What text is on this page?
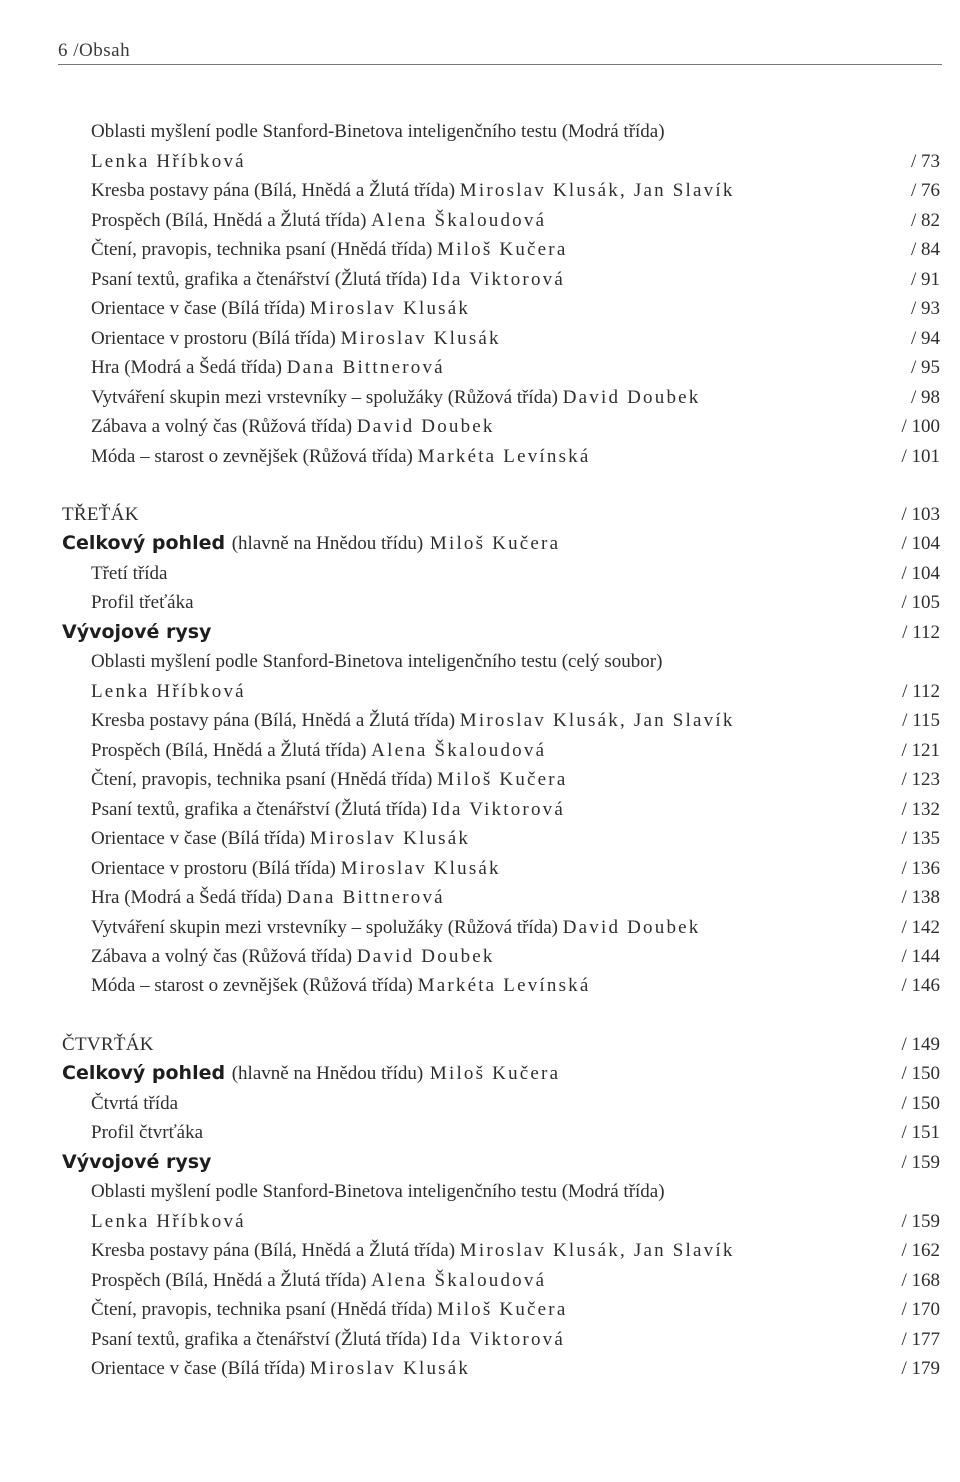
6 /Obsah
Oblasti myšlení podle Stanford-Binetova inteligenčního testu (Modrá třída)
Lenka Hříbková	/ 73
Kresba postavy pána (Bílá, Hnědá a Žlutá třída) Miroslav Klusák, Jan Slavík	/ 76
Prospěch (Bílá, Hnědá a Žlutá třída) Alena Škaloudová	/ 82
Čtení, pravopis, technika psaní (Hnědá třída) Miloš Kučera	/ 84
Psaní textů, grafika a čtenářství (Žlutá třída) Ida Viktorová	/ 91
Orientace v čase (Bílá třída) Miroslav Klusák	/ 93
Orientace v prostoru (Bílá třída) Miroslav Klusák	/ 94
Hra (Modrá a Šedá třída) Dana Bittnerová	/ 95
Vytváření skupin mezi vrstevníky – spolužáky (Růžová třída) David Doubek	/ 98
Zábava a volný čas (Růžová třída) David Doubek	/ 100
Móda – starost o zevnějšek (Růžová třída) Markéta Levínská	/ 101
TŘEŤÁK	/ 103
Celkový pohled (hlavně na Hnědou třídu) Miloš Kučera	/ 104
Třetí třída	/ 104
Profil třeťáka	/ 105
Vývojové rysy	/ 112
Oblasti myšlení podle Stanford-Binetova inteligenčního testu (celý soubor)
Lenka Hříbková	/ 112
Kresba postavy pána (Bílá, Hnědá a Žlutá třída) Miroslav Klusák, Jan Slavík	/ 115
Prospěch (Bílá, Hnědá a Žlutá třída) Alena Škaloudová	/ 121
Čtení, pravopis, technika psaní (Hnědá třída) Miloš Kučera	/ 123
Psaní textů, grafika a čtenářství (Žlutá třída) Ida Viktorová	/ 132
Orientace v čase (Bílá třída) Miroslav Klusák	/ 135
Orientace v prostoru (Bílá třída) Miroslav Klusák	/ 136
Hra (Modrá a Šedá třída) Dana Bittnerová	/ 138
Vytváření skupin mezi vrstevníky – spolužáky (Růžová třída) David Doubek	/ 142
Zábava a volný čas (Růžová třída) David Doubek	/ 144
Móda – starost o zevnějšek (Růžová třída) Markéta Levínská	/ 146
ČTVRŤÁK	/ 149
Celkový pohled (hlavně na Hnědou třídu) Miloš Kučera	/ 150
Čtvrtá třída	/ 150
Profil čtvrťáka	/ 151
Vývojové rysy	/ 159
Oblasti myšlení podle Stanford-Binetova inteligenčního testu (Modrá třída)
Lenka Hříbková	/ 159
Kresba postavy pána (Bílá, Hnědá a Žlutá třída) Miroslav Klusák, Jan Slavík	/ 162
Prospěch (Bílá, Hnědá a Žlutá třída) Alena Škaloudová	/ 168
Čtení, pravopis, technika psaní (Hnědá třída) Miloš Kučera	/ 170
Psaní textů, grafika a čtenářství (Žlutá třída) Ida Viktorová	/ 177
Orientace v čase (Bílá třída) Miroslav Klusák	/ 179
